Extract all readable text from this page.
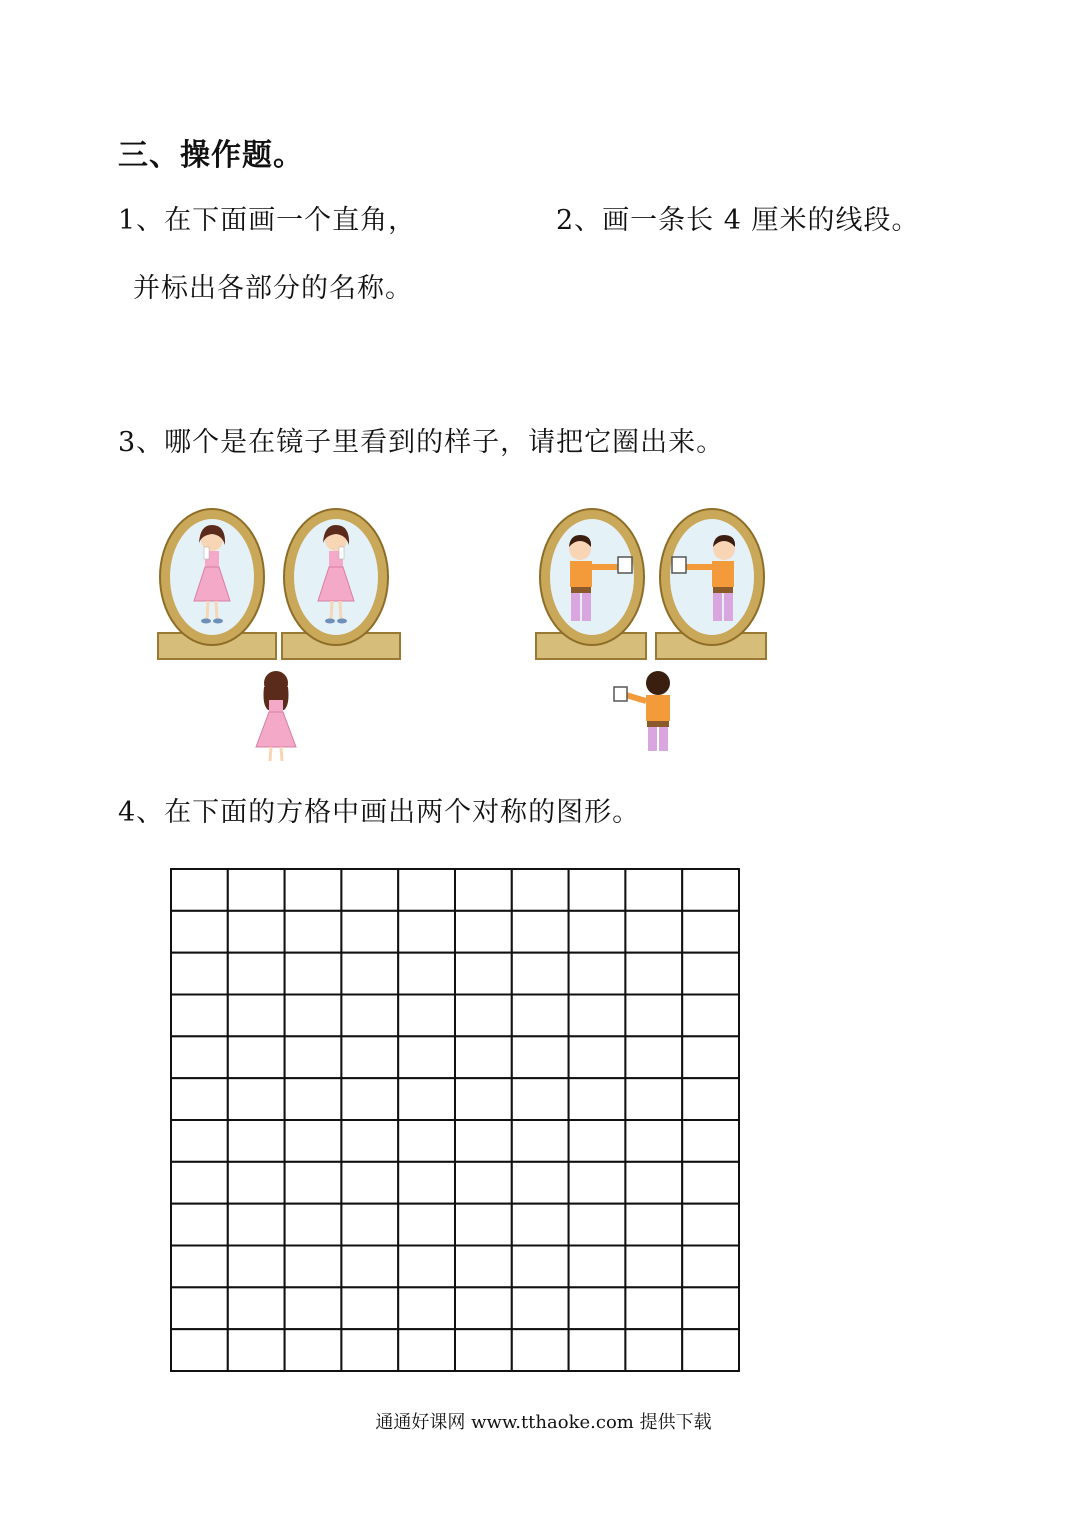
三、操作题。
1、在下面画一个直角，
并标出各部分的名称。
2、画一条长 4 厘米的线段。
3、哪个是在镜子里看到的样子，请把它圈出来。
4、在下面的方格中画出两个对称的图形。
通通好课网 www.tthaoke.com 提供下载
